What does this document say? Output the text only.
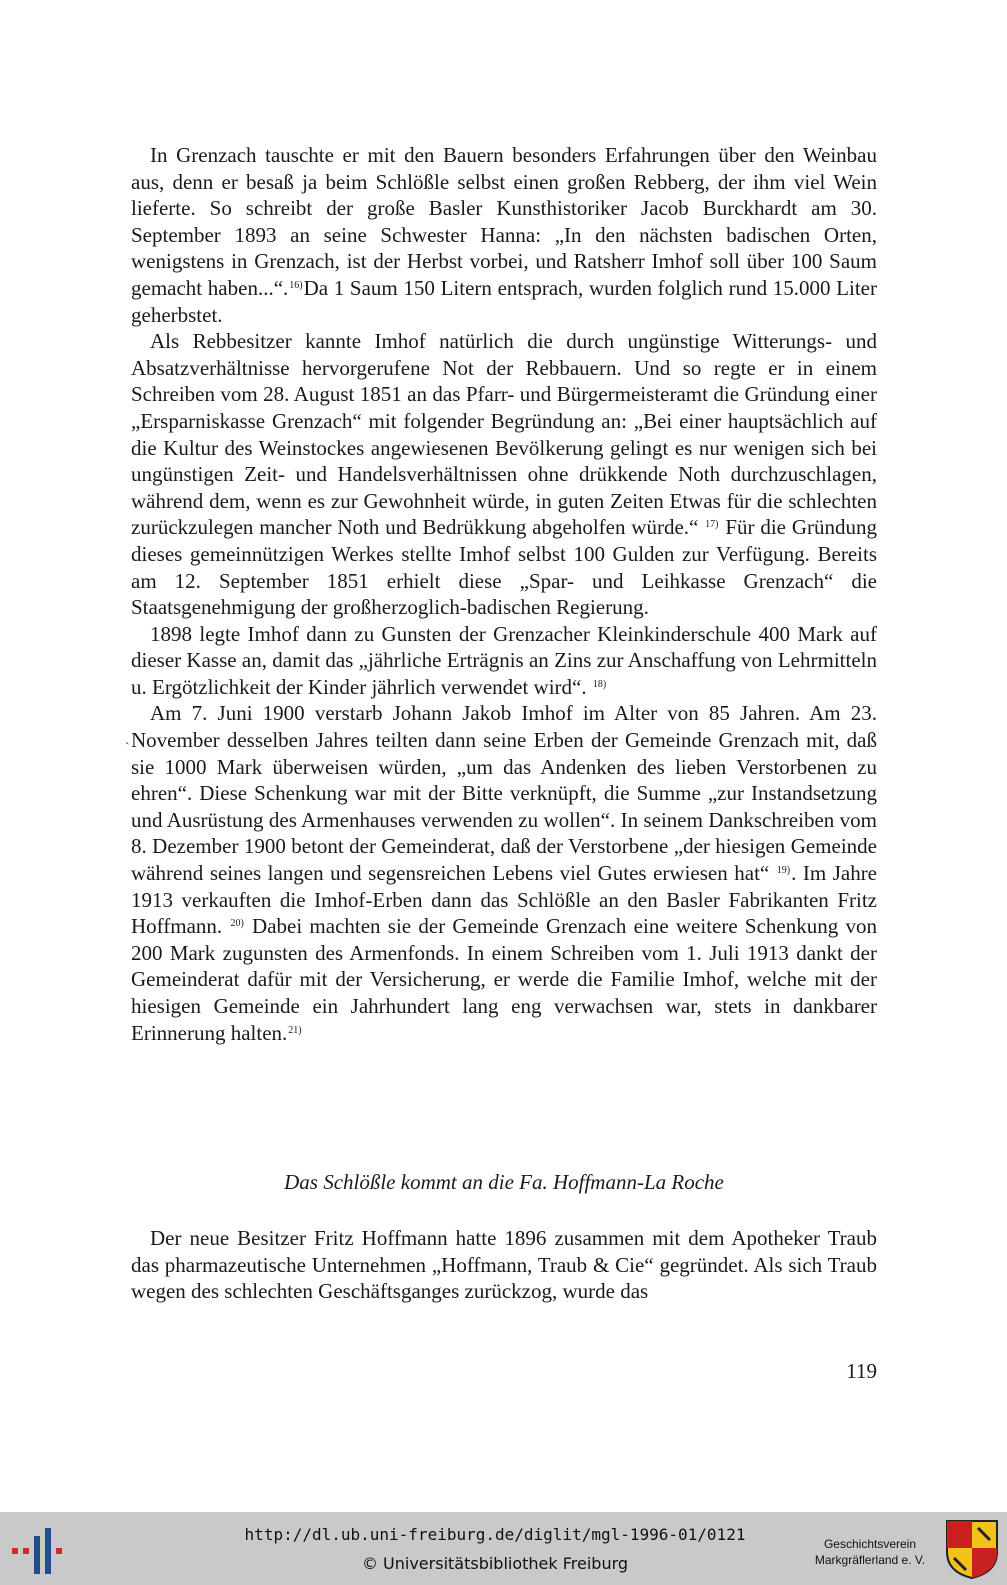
In Grenzach tauschte er mit den Bauern besonders Erfahrungen über den Weinbau aus, denn er besaß ja beim Schlößle selbst einen großen Rebberg, der ihm viel Wein lieferte. So schreibt der große Basler Kunsthistoriker Jacob Burckhardt am 30. September 1893 an seine Schwester Hanna: „In den nächsten badischen Orten, wenigstens in Grenzach, ist der Herbst vorbei, und Ratsherr Imhof soll über 100 Saum gemacht haben...“.$^{16)}$Da 1 Saum 150 Litern entsprach, wurden folglich rund 15.000 Liter geherbstet.

Als Rebbesitzer kannte Imhof natürlich die durch ungünstige Witterungs- und Absatzverhältnisse hervorgerufene Not der Rebbauern. Und so regte er in einem Schreiben vom 28. August 1851 an das Pfarr- und Bürgermeisteramt die Gründung einer „Ersparniskasse Grenzach“ mit folgender Begründung an: „Bei einer hauptsächlich auf die Kultur des Weinstockes angewiesenen Bevölkerung gelingt es nur wenigen sich bei ungünstigen Zeit- und Handelsverhältnissen ohne drükkende Noth durchzuschlagen, während dem, wenn es zur Gewohnheit würde, in guten Zeiten Etwas für die schlechten zurückzulegen mancher Noth und Bedrükkung abgeholfen würde.“ $^{17)}$ Für die Gründung dieses gemeinnützigen Werkes stellte Imhof selbst 100 Gulden zur Verfügung. Bereits am 12. September 1851 erhielt diese „Spar- und Leihkasse Grenzach“ die Staatsgenehmigung der großherzoglich-badischen Regierung.

1898 legte Imhof dann zu Gunsten der Grenzacher Kleinkinderschule 400 Mark auf dieser Kasse an, damit das „jährliche Erträgnis an Zins zur Anschaffung von Lehrmitteln u. Ergötzlichkeit der Kinder jährlich verwendet wird“. $^{18)}$

Am 7. Juni 1900 verstarb Johann Jakob Imhof im Alter von 85 Jahren. Am 23. November desselben Jahres teilten dann seine Erben der Gemeinde Grenzach mit, daß sie 1000 Mark überweisen würden, „um das Andenken des lieben Verstorbenen zu ehren“. Diese Schenkung war mit der Bitte verknüpft, die Summe „zur Instandsetzung und Ausrüstung des Armenhauses verwenden zu wollen“. In seinem Dankschreiben vom 8. Dezember 1900 betont der Gemeinderat, daß der Verstorbene „der hiesigen Gemeinde während seines langen und segensreichen Lebens viel Gutes erwiesen hat“ $^{19)}$. Im Jahre 1913 verkauften die Imhof-Erben dann das Schlößle an den Basler Fabrikanten Fritz Hoffmann. $^{20)}$ Dabei machten sie der Gemeinde Grenzach eine weitere Schenkung von 200 Mark zugunsten des Armenfonds. In einem Schreiben vom 1. Juli 1913 dankt der Gemeinderat dafür mit der Versicherung, er werde die Familie Imhof, welche mit der hiesigen Gemeinde ein Jahrhundert lang eng verwachsen war, stets in dankbarer Erinnerung halten.$^{21)}$

`
Das Schlößle kommt an die Fa. Hoffmann-La Roche

Der neue Besitzer Fritz Hoffmann hatte 1896 zusammen mit dem Apotheker Traub das pharmazeutische Unternehmen „Hoffmann, Traub & Cie“ gegründet. Als sich Traub wegen des schlechten Geschäftsganges zurückzog, wurde das

119
http://dl.ub.uni-freiburg.de/diglit/mgl-1996-01/0121
© Universitätsbibliothek Freiburg
Geschichtsverein
Markgräflerland e. V.
